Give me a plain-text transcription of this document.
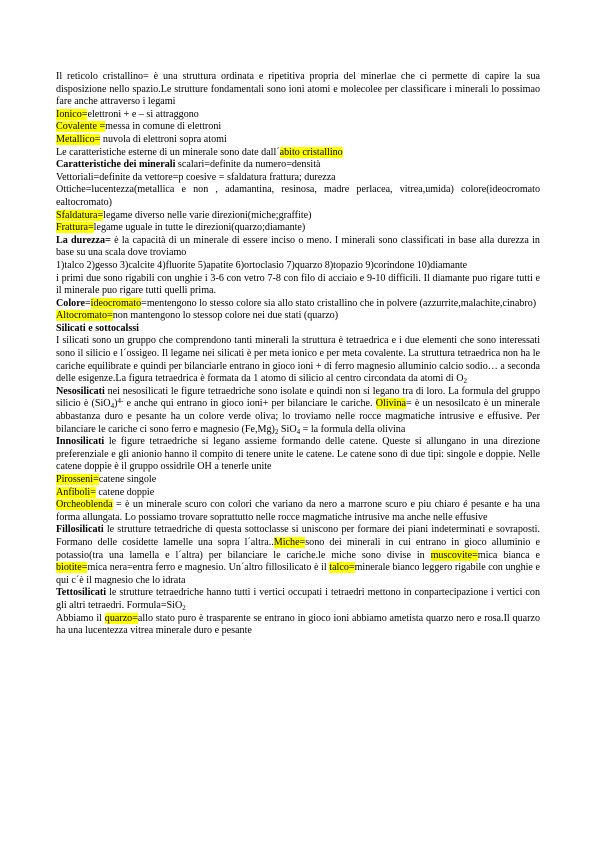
Il reticolo cristallino= è una struttura ordinata e ripetitiva propria del minerlae che ci permette di capire la sua disposizione nello spazio.Le strutture fondamentali sono ioni atomi e molecolee per classificare i minerali lo possimao fare anche attraverso i legami

Ionico=elettroni + e – si attraggono

Covalente =messa in comune di elettroni

Metallico= nuvola di elettroni sopra atomi

Le caratteristiche esterne di un minerale sono date dall´abito cristallino

Caratteristiche dei minerali scalari=definite da numero=densità

Vettoriali=definite da vettore=p coesive = sfaldatura frattura; durezza

Ottiche=lucentezza(metallica e non , adamantina, resinosa, madre perlacea, vitrea,umida) colore(ideocromato ealtocromato)

Sfaldatura=legame diverso nelle varie direzioni(miche;graffite)

Frattura=legame uguale in tutte le direzioni(quarzo;diamante)

La durezza= è la capacità di un minerale di essere inciso o meno. I minerali sono classificati in base alla durezza in base su una scala dove troviamo

1)talco 2)gesso 3)calcite 4)fluorite 5)apatite 6)ortoclasio 7)quarzo 8)topazio 9)corindone 10)diamante

i primi due sono rigabili con unghie i 3-6 con vetro 7-8 con filo di acciaio e 9-10 difficili. Il diamante puo rigare tutti e il minerale puo rigare tutti quelli prima.

Colore=ideocromato=mentengono lo stesso colore sia allo stato cristallino che in polvere (azzurrite,malachite,cinabro)

Altocromato=non mantengono lo stessop colore nei due stati (quarzo)

Silicati e sottocalssi

I silicati sono un gruppo che comprendono tanti minerali la struttura è tetraedrica e i due elementi che sono interessati sono il silicio e l´ossigeo. Il legame nei silicati è per meta ionico e per meta covalente. La struttura tetraedrica non ha le cariche equilibrate e quindi per bilanciarle entrano in gioco ioni + di ferro magnesio alluminio calcio sodio… a seconda delle esigenze.La figura tetraedrica è formata da 1 atomo di silicio al centro circondata da atomi di $O_2$

Nesosilicati nei nesosilicati le figure tetraedriche sono isolate e quindi non si legano tra di loro. La formula del gruppo silicio è $(SiO_4)^{4-}$ e anche qui entrano in gioco ioni+ per bilanciare le cariche. Olivina= è un nesosilcato è un minerale abbastanza duro e pesante ha un colore verde oliva; lo troviamo nelle rocce magmatiche intrusive e effusive. Per bilanciare le cariche ci sono ferro e magnesio $(Fe,Mg)_2$ SiO$_4$ = la formula della olivina

Innosilicati le figure tetraedriche si legano assieme formando delle catene. Queste si allungano in una direzione preferenziale e gli anionio hanno il compito di tenere unite le catene. Le catene sono di due tipi: singole e doppie. Nelle catene doppie è il gruppo ossidrile OH a tenerle unite

Pirosseni=catene singole

Anfiboli= catene doppie

Orcheoblenda = è un minerale scuro con colori che variano da nero a marrone scuro e piu chiaro é pesante e ha una forma allungata. Lo possiamo trovare soprattutto nelle rocce magmatiche intrusive ma anche nelle effusive

Fillosilicati le strutture tetraedriche di questa sottoclasse si uniscono per formare dei piani indeterminati e sovraposti. Formano delle cosidette lamelle una sopra l´altra..Miche=sono dei minerali in cui entrano in gioco alluminio e potassio(tra una lamella e l´altra) per bilanciare le cariche.le miche sono divise in muscovite=mica bianca e biotite=mica nera=entra ferro e magnesio. Un´altro fillosilicato è il talco=minerale bianco leggero rigabile con unghie e qui c´è il magnesio che lo idrata

Tettosilicati le strutture tetraedriche hanno tutti i vertici occupati i tetraedri mettono in conpartecipazione i vertici con gli altri tetraedri. Formula=SiO$_2$

Abbiamo il quarzo=allo stato puro è trasparente se entrano in gioco ioni abbiamo ametista quarzo nero e rosa.Il quarzo ha una lucentezza vitrea minerale duro e pesante
